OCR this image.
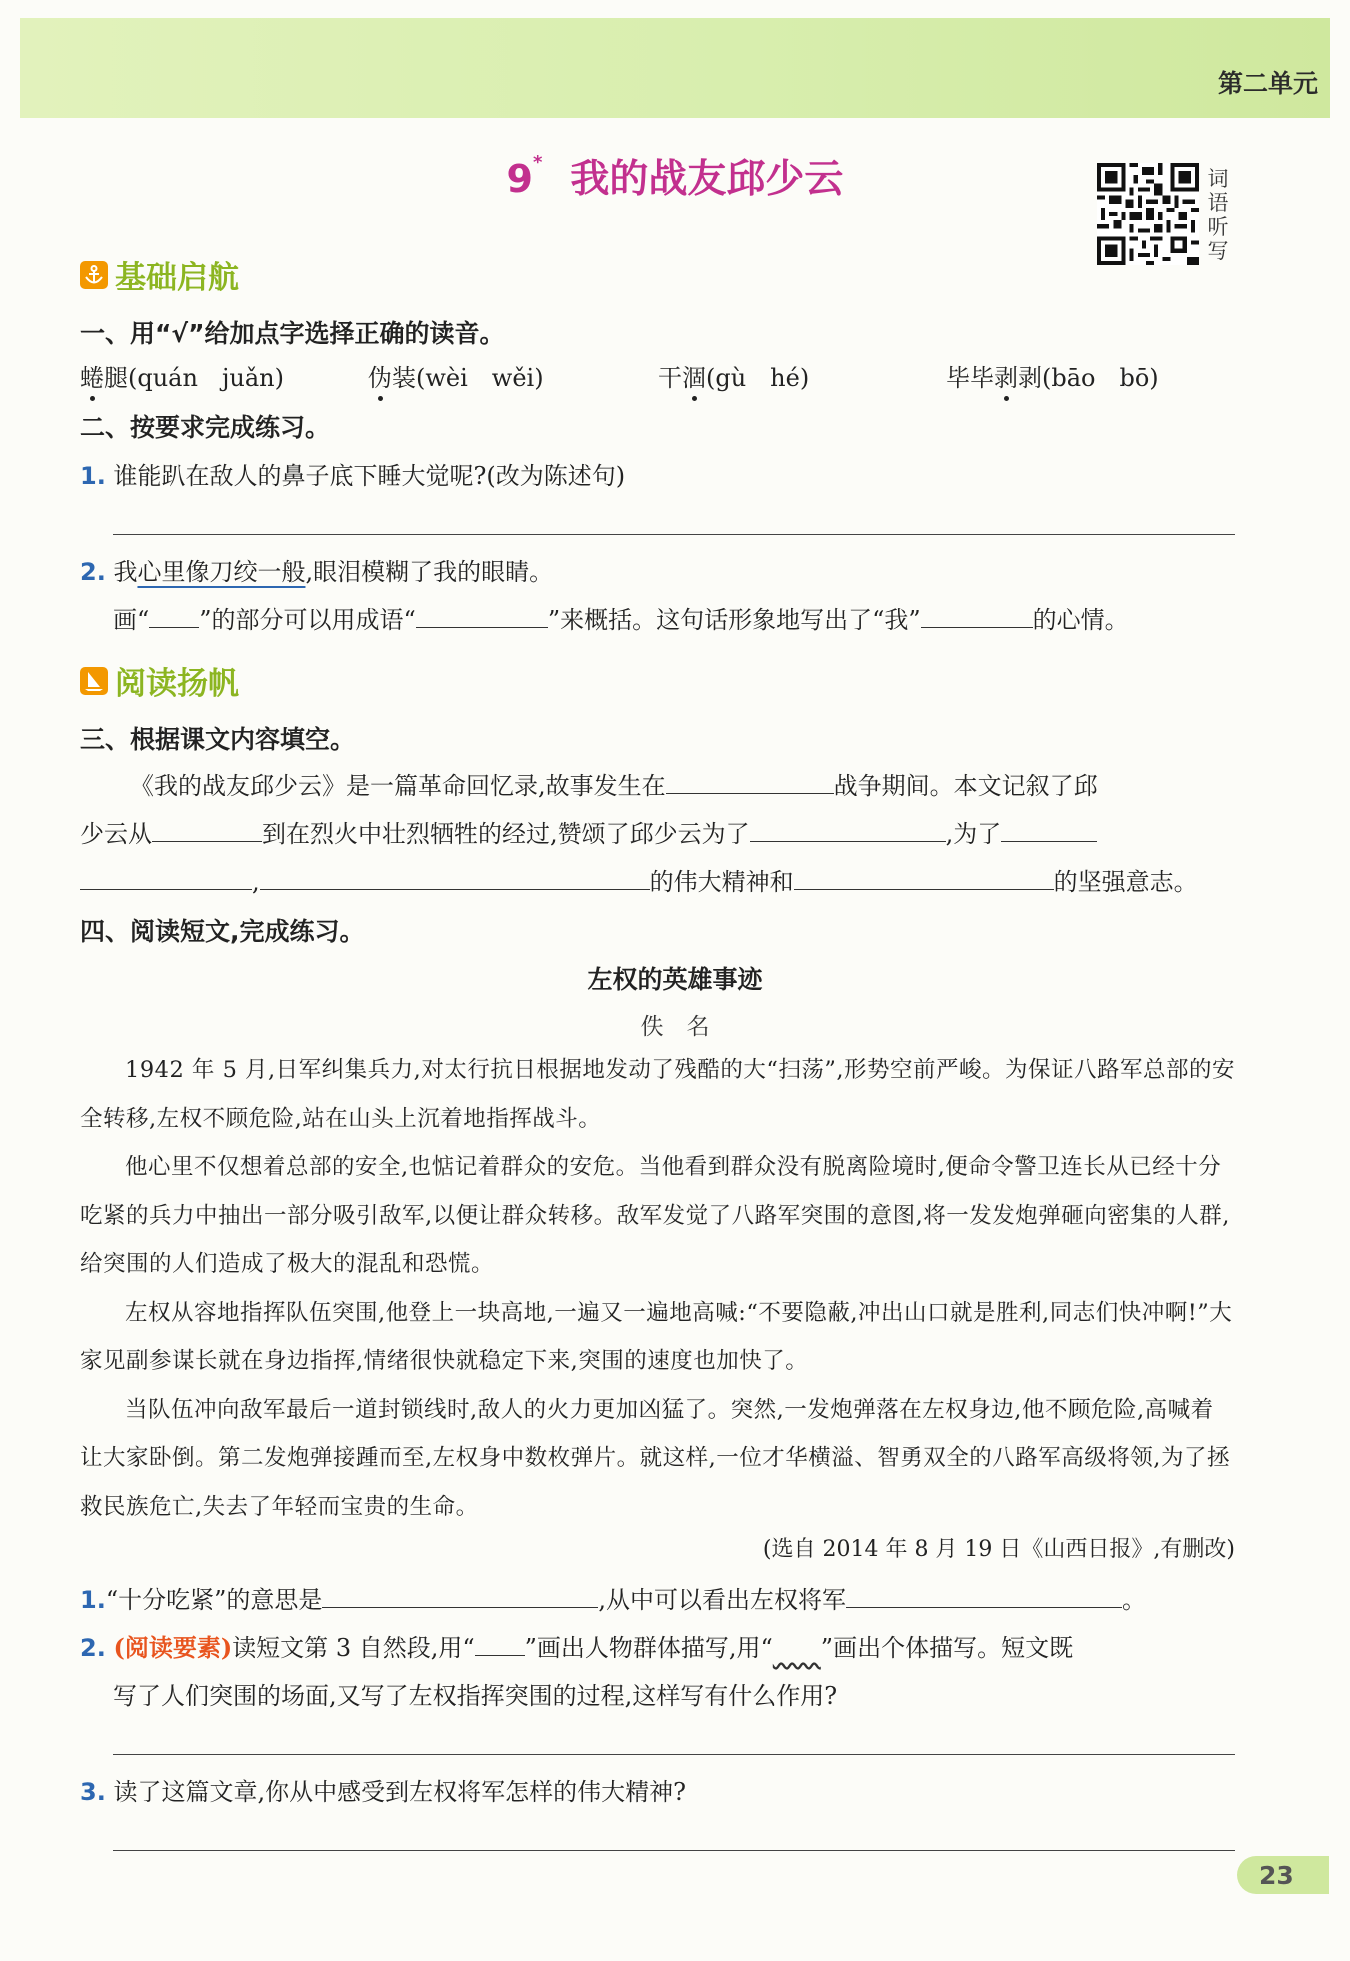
第二单元
9* 我的战友邱少云	词
语
听
写
基础启航
一、用“√”给加点字选择正确的读音。
蜷腿(quán　juǎn)	伪装(wèi　wěi)	干涸(gù　hé)	毕毕剥剥(bāo　bō)
二、按要求完成练习。
1. 谁能趴在敌人的鼻子底下睡大觉呢?(改为陈述句)
2. 我心里像刀绞一般,眼泪模糊了我的眼睛。
画“ ”的部分可以用成语“	”来概括。这句话形象地写出了“我”	的心情。
阅读扬帆
三、根据课文内容填空。
《我的战友邱少云》是一篇革命回忆录,故事发生在	战争期间。本文记叙了邱
少云从	到在烈火中壮烈牺牲的经过,赞颂了邱少云为了	,为了
,	的伟大精神和	的坚强意志。
四、阅读短文,完成练习。
左权的英雄事迹
佚　名

1942 年 5 月,日军纠集兵力,对太行抗日根据地发动了残酷的大“扫荡”,形势空前严峻。为保证八路军总部的安全转移,左权不顾危险,站在山头上沉着地指挥战斗。

他心里不仅想着总部的安全,也惦记着群众的安危。当他看到群众没有脱离险境时,便命令警卫连长从已经十分吃紧的兵力中抽出一部分吸引敌军,以便让群众转移。敌军发觉了八路军突围的意图,将一发发炮弹砸向密集的人群,给突围的人们造成了极大的混乱和恐慌。

左权从容地指挥队伍突围,他登上一块高地,一遍又一遍地高喊:“不要隐蔽,冲出山口就是胜利,同志们快冲啊!”大家见副参谋长就在身边指挥,情绪很快就稳定下来,突围的速度也加快了。

当队伍冲向敌军最后一道封锁线时,敌人的火力更加凶猛了。突然,一发炮弹落在左权身边,他不顾危险,高喊着让大家卧倒。第二发炮弹接踵而至,左权身中数枚弹片。就这样,一位才华横溢、智勇双全的八路军高级将领,为了拯救民族危亡,失去了年轻而宝贵的生命。

(选自 2014 年 8 月 19 日《山西日报》,有删改)
1.“十分吃紧”的意思是	,从中可以看出左权将军	。
2. (阅读要素)读短文第 3 自然段,用“ ”画出人物群体描写,用“　　 ”画出个体描写。短文既
写了人们突围的场面,又写了左权指挥突围的过程,这样写有什么作用?
3. 读了这篇文章,你从中感受到左权将军怎样的伟大精神?
23
